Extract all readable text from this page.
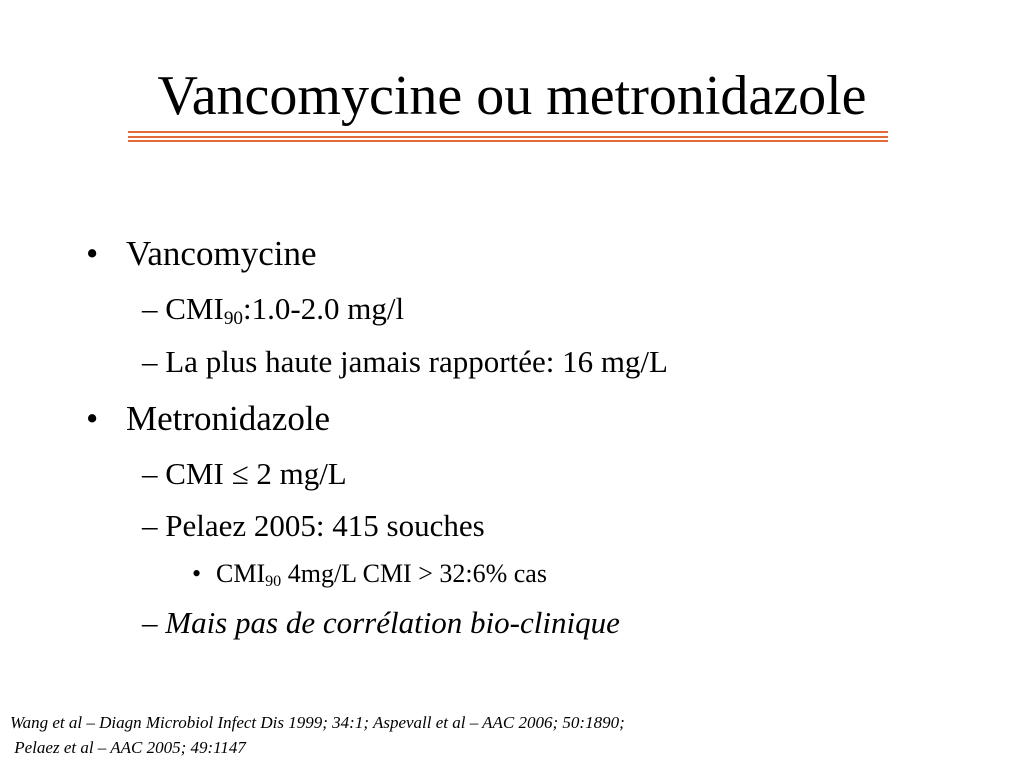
Vancomycine ou metronidazole
• Vancomycine
– $CMI_{90}:1.0-2.0$ mg/l
– La plus haute jamais rapportée: 16 mg/L
• Metronidazole
– CMI ≤ 2 mg/L
– Pelaez 2005: 415 souches
• $CMI_{90}$ 4mg/L CMI > 32:6% cas
– Mais pas de corrélation bio-clinique
Wang et al – Diagn Microbiol Infect Dis 1999; 34:1; Aspevall et al – AAC 2006; 50:1890;
Pelaez et al – AAC 2005; 49:1147
